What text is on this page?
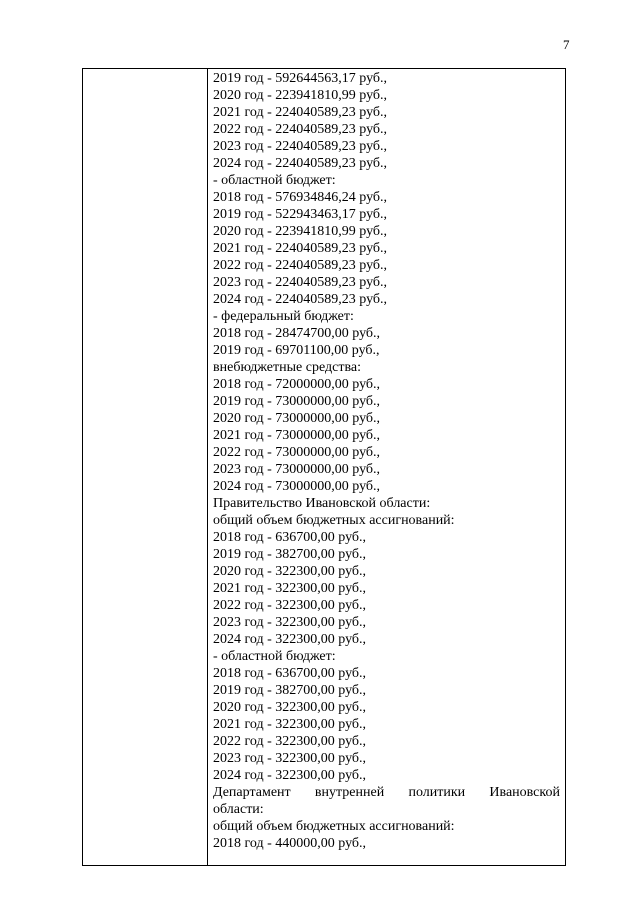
7
2019 год - 592644563,17 руб.,
2020 год - 223941810,99 руб.,
2021 год - 224040589,23 руб.,
2022 год - 224040589,23 руб.,
2023 год - 224040589,23 руб.,
2024 год - 224040589,23 руб.,
- областной бюджет:
2018 год - 576934846,24 руб.,
2019 год - 522943463,17 руб.,
2020 год - 223941810,99 руб.,
2021 год - 224040589,23 руб.,
2022 год - 224040589,23 руб.,
2023 год - 224040589,23 руб.,
2024 год - 224040589,23 руб.,
- федеральный бюджет:
2018 год - 28474700,00 руб.,
2019 год - 69701100,00 руб.,
внебюджетные средства:
2018 год - 72000000,00 руб.,
2019 год - 73000000,00 руб.,
2020 год - 73000000,00 руб.,
2021 год - 73000000,00 руб.,
2022 год - 73000000,00 руб.,
2023 год - 73000000,00 руб.,
2024 год - 73000000,00 руб.,
Правительство Ивановской области:
общий объем бюджетных ассигнований:
2018 год - 636700,00 руб.,
2019 год - 382700,00 руб.,
2020 год - 322300,00 руб.,
2021 год - 322300,00 руб.,
2022 год - 322300,00 руб.,
2023 год - 322300,00 руб.,
2024 год - 322300,00 руб.,
- областной бюджет:
2018 год - 636700,00 руб.,
2019 год - 382700,00 руб.,
2020 год - 322300,00 руб.,
2021 год - 322300,00 руб.,
2022 год - 322300,00 руб.,
2023 год - 322300,00 руб.,
2024 год - 322300,00 руб.,
Департамент внутренней политики Ивановской
области:
общий объем бюджетных ассигнований:
2018 год - 440000,00 руб.,
